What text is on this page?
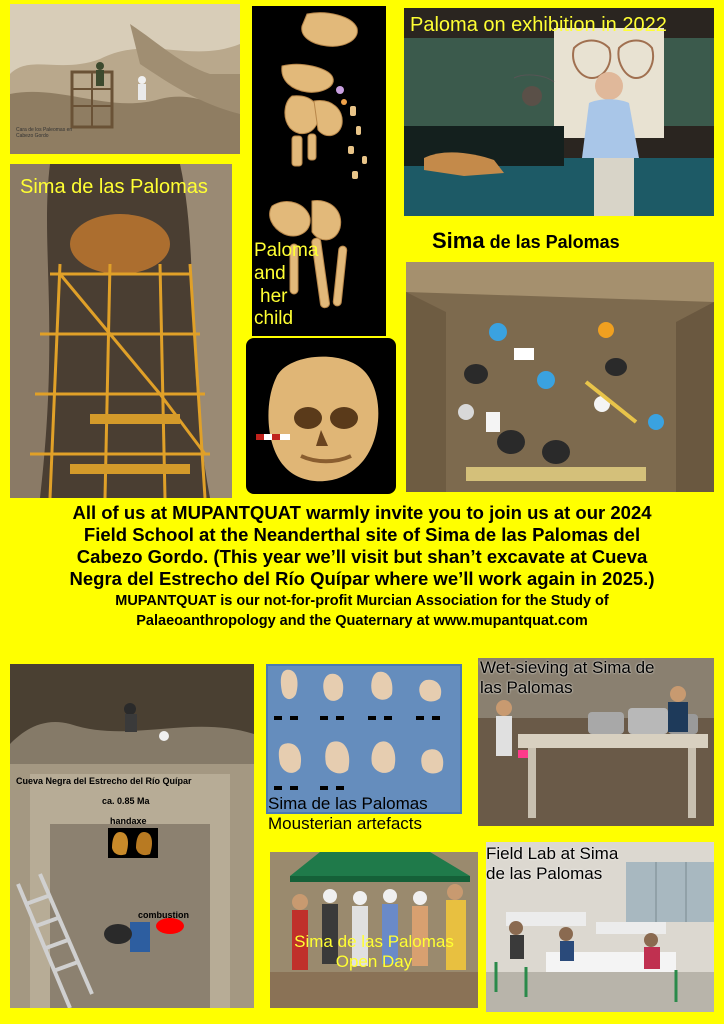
Cara de los Paleomas en Cabezo Gordo
Paloma on exhibition in 2022
Sima de las Palomas
Paloma
and
her
child
Sima de las Palomas
All of us at MUPANTQUAT warmly invite you to join us at our 2024
Field School at the Neanderthal site of Sima de las Palomas del
Cabezo Gordo. (This year we’ll visit but shan’t excavate at Cueva
Negra del Estrecho del Río Quípar where we’ll work again in 2025.)
MUPANTQUAT is our not-for-profit Murcian Association for the Study of
Palaeoanthropology and the Quaternary at www.mupantquat.com
Cueva Negra del Estrecho del Río Quípar
ca. 0.85 Ma
handaxe
combustion
Sima de las Palomas
Mousterian artefacts
Wet-sieving at Sima de
las Palomas
Sima de las Palomas
Open Day
Field Lab at Sima
de las Palomas
